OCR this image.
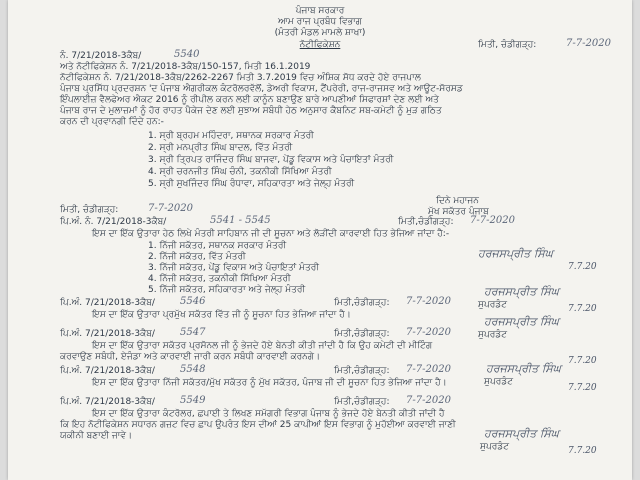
ਪੰਜਾਬ ਸਰਕਾਰ
ਆਮ ਰਾਜ ਪ੍ਰਬੰਧ ਵਿਭਾਗ
(ਮੰਤਰੀ ਮੰਡਲ ਮਾਮਲੇ ਸ਼ਾਖਾ)
ਨੋਟੀਫਿਕੇਸ਼ਨ	ਮਿਤੀ, ਚੰਡੀਗੜ੍ਹ:	7-7-2020
ਨੰ. 7/21/2018-3ਕੈਬ/	5540
ਅਤੇ ਨੋਟੀਫਿਕੇਸ਼ਨ ਨੰ. 7/21/2018-3ਕੈਬ/150-157, ਮਿਤੀ 16.1.2019
ਨੋਟੀਫਿਕੇਸ਼ਨ ਨੰ. 7/21/2018-3ਕੈਬ/2262-2267 ਮਿਤੀ 3.7.2019 ਵਿਚ ਅੰਸ਼ਿਕ ਸੋਧ ਕਰਦੇ ਹੋਏ ਰਾਜਪਾਲ
ਪੰਜਾਬ ਪ੍ਰਸਿੱਧ ਪ੍ਰਦਰਸ਼ਨ 'ਦ ਪੰਜਾਬ ਐਗਰੀਕਲ ਕੰਟਰੋਲਰਵੱਲੋਂ, ਡੇਅਰੀ ਵਿਕਾਸ, ਟੈਂਪਰੇਰੀ, ਰਾਜ-ਰਾਜਸਵ ਅਤੇ ਆਊਟ-ਸੋਰਸਡ
ਇੰਪਲਾਈਜ਼ ਵੈਲਫੇਅਰ ਐਕਟ 2016 ਨੂੰ ਰੀਪੀਲ ਕਰਨ ਲਈ ਕਾਨੂੰਨ ਬਣਾਉਣ ਬਾਰੇ ਆਪਣੀਆਂ ਸਿਫਾਰਸ਼ਾਂ ਦੇਣ ਲਈ ਅਤੇ
ਪੰਜਾਬ ਰਾਜ ਦੇ ਮੁਲਾਜ਼ਮਾਂ ਨੂੰ ਹੋਰ ਰਾਹਤ ਪੈਕੇਜ ਦੇਣ ਲਈ ਸੁਝਾਅ ਸਬੰਧੀ ਹੇਠ ਅਨੁਸਾਰ ਕੈਬਨਿਟ ਸਬ-ਕਮੇਟੀ ਨੂੰ ਮੁੜ ਗਠਿਤ
ਕਰਨ ਦੀ ਪ੍ਰਵਾਨਗੀ ਦਿੰਦੇ ਹਨ:-
1. ਸ੍ਰੀ ਬ੍ਰਹਮ ਮਹਿੰਦਰਾ, ਸਥਾਨਕ ਸਰਕਾਰ ਮੰਤਰੀ
2. ਸ੍ਰੀ ਮਨਪ੍ਰੀਤ ਸਿੰਘ ਬਾਦਲ, ਵਿੱਤ ਮੰਤਰੀ
3. ਸ੍ਰੀ ਤ੍ਰਿਪਤ ਰਾਜਿੰਦਰ ਸਿੰਘ ਬਾਜਵਾ, ਪੇਂਡੂ ਵਿਕਾਸ ਅਤੇ ਪੰਚਾਇਤਾਂ ਮੰਤਰੀ
4. ਸ੍ਰੀ ਚਰਨਜੀਤ ਸਿੰਘ ਚੰਨੀ, ਤਕਨੀਕੀ ਸਿੱਖਿਆ ਮੰਤਰੀ
5. ਸ੍ਰੀ ਸੁਖਜਿੰਦਰ ਸਿੰਘ ਰੰਧਾਵਾ, ਸਹਿਕਾਰਤਾ ਅਤੇ ਜੇਲ੍ਹ ਮੰਤਰੀ
ਦਿਨੇ ਮਹਾਜਨ
ਮੁੱਖ ਸਕੱਤਰ ਪੰਜਾਬ
ਮਿਤੀ, ਚੰਡੀਗੜ੍ਹ:	7-7-2020
ਪਿ.ਅੰ. ਨੰ. 7/21/2018-3ਕੈਬ/	5541 - 5545	ਮਿਤੀ,ਚੰਡੀਗੜ੍ਹ: 7-7-2020
ਇਸ ਦਾ ਇੱਕ ਉਤਾਰਾ ਹੇਠ ਲਿਖੇ ਮੰਤਰੀ ਸਾਹਿਬਾਨ ਜੀ ਦੀ ਸੂਚਨਾ ਅਤੇ ਲੋੜੀਂਦੀ ਕਾਰਵਾਈ ਹਿਤ ਭੇਜਿਆ ਜਾਂਦਾ ਹੈ:-
1. ਨਿੱਜੀ ਸਕੱਤਰ, ਸਥਾਨਕ ਸਰਕਾਰ ਮੰਤਰੀ
2. ਨਿੱਜੀ ਸਕੱਤਰ, ਵਿੱਤ ਮੰਤਰੀ
3. ਨਿੱਜੀ ਸਕੱਤਰ, ਪੇਂਡੂ ਵਿਕਾਸ ਅਤੇ ਪੰਚਾਇਤਾਂ ਮੰਤਰੀ
4. ਨਿੱਜੀ ਸਕੱਤਰ, ਤਕਨੀਕੀ ਸਿੱਖਿਆ ਮੰਤਰੀ
5. ਨਿੱਜੀ ਸਕੱਤਰ, ਸਹਿਕਾਰਤਾ ਅਤੇ ਜੇਲ੍ਹ ਮੰਤਰੀ
ਹਰਜਸਪ੍ਰੀਤ ਸਿੰਘ
7.7.20
ਪਿ.ਅੰ. 7/21/2018-3ਕੈਬ/	5546	ਮਿਤੀ,ਚੰਡੀਗੜ੍ਹ: 7-7-2020
ਇਸ ਦਾ ਇੱਕ ਉਤਾਰਾ ਪ੍ਰਮੁੱਖ ਸਕੱਤਰ ਵਿੱਤ ਜੀ ਨੂੰ ਸੂਚਨਾ ਹਿਤ ਭੇਜਿਆ ਜਾਂਦਾ ਹੈ।
ਹਰਜਸਪ੍ਰੀਤ ਸਿੰਘ
ਸੁਪਰਡੰਟ	7.7.20
ਪਿ.ਅੰ. 7/21/2018-3ਕੈਬ/	5547	ਮਿਤੀ,ਚੰਡੀਗੜ੍ਹ: 7-7-2020
ਇਸ ਦਾ ਇੱਕ ਉਤਾਰਾ ਸਕੱਤਰ ਪ੍ਰਸੋਨਲ ਜੀ ਨੂੰ ਭੇਜਦੇ ਹੋਏ ਬੇਨਤੀ ਕੀਤੀ ਜਾਂਦੀ ਹੈ ਕਿ ਉਹ ਕਮੇਟੀ ਦੀ ਮੀਟਿੰਗ
ਕਰਵਾਉਣ ਸਬੰਧੀ, ਏਜੰਡਾ ਅਤੇ ਕਾਰਵਾਈ ਜਾਰੀ ਕਰਨ ਸਬੰਧੀ ਕਾਰਵਾਈ ਕਰਨਗੇ।
ਹਰਜਸਪ੍ਰੀਤ ਸਿੰਘ
ਸੁਪਰਡੰਟ
7.7.20
ਪਿ.ਅੰ. 7/21/2018-3ਕੈਬ/	5548	ਮਿਤੀ,ਚੰਡੀਗੜ੍ਹ: 7-7-2020
ਇਸ ਦਾ ਇੱਕ ਉਤਾਰਾ ਨਿੱਜੀ ਸਕੱਤਰ/ਮੁੱਖ ਸਕੱਤਰ ਨੂੰ ਮੁੱਖ ਸਕੱਤਰ, ਪੰਜਾਬ ਜੀ ਦੀ ਸੂਚਨਾ ਹਿਤ ਭੇਜਿਆ ਜਾਂਦਾ ਹੈ।
ਹਰਜਸਪ੍ਰੀਤ ਸਿੰਘ
ਸੁਪਰਡੰਟ
7.7.20
ਪਿ.ਅੰ. 7/21/2018-3ਕੈਬ/	5549	ਮਿਤੀ,ਚੰਡੀਗੜ੍ਹ: 7-7-2020
ਇਸ ਦਾ ਇੱਕ ਉਤਾਰਾ ਕੰਟਰੋਲਰ, ਛਪਾਈ ਤੇ ਲਿਖਣ ਸਮੱਗਰੀ ਵਿਭਾਗ ਪੰਜਾਬ ਨੂੰ ਭੇਜਦੇ ਹੋਏ ਬੇਨਤੀ ਕੀਤੀ ਜਾਂਦੀ ਹੈ
ਕਿ ਇਹ ਨੋਟੀਫਿਕੇਸ਼ਨ ਸਧਾਰਨ ਗਜ਼ਟ ਵਿਚ ਛਾਪ ਉਪਰੰਤ ਇਸ ਦੀਆਂ 25 ਕਾਪੀਆਂ ਇਸ ਵਿਭਾਗ ਨੂੰ ਮੁਹੱਈਆ ਕਰਵਾਈ ਜਾਣੀ
ਯਕੀਨੀ ਬਣਾਈ ਜਾਵੇ।	ਹਰਜਸਪ੍ਰੀਤ ਸਿੰਘ
ਸੁਪਰਡੰਟ	7.7.20
